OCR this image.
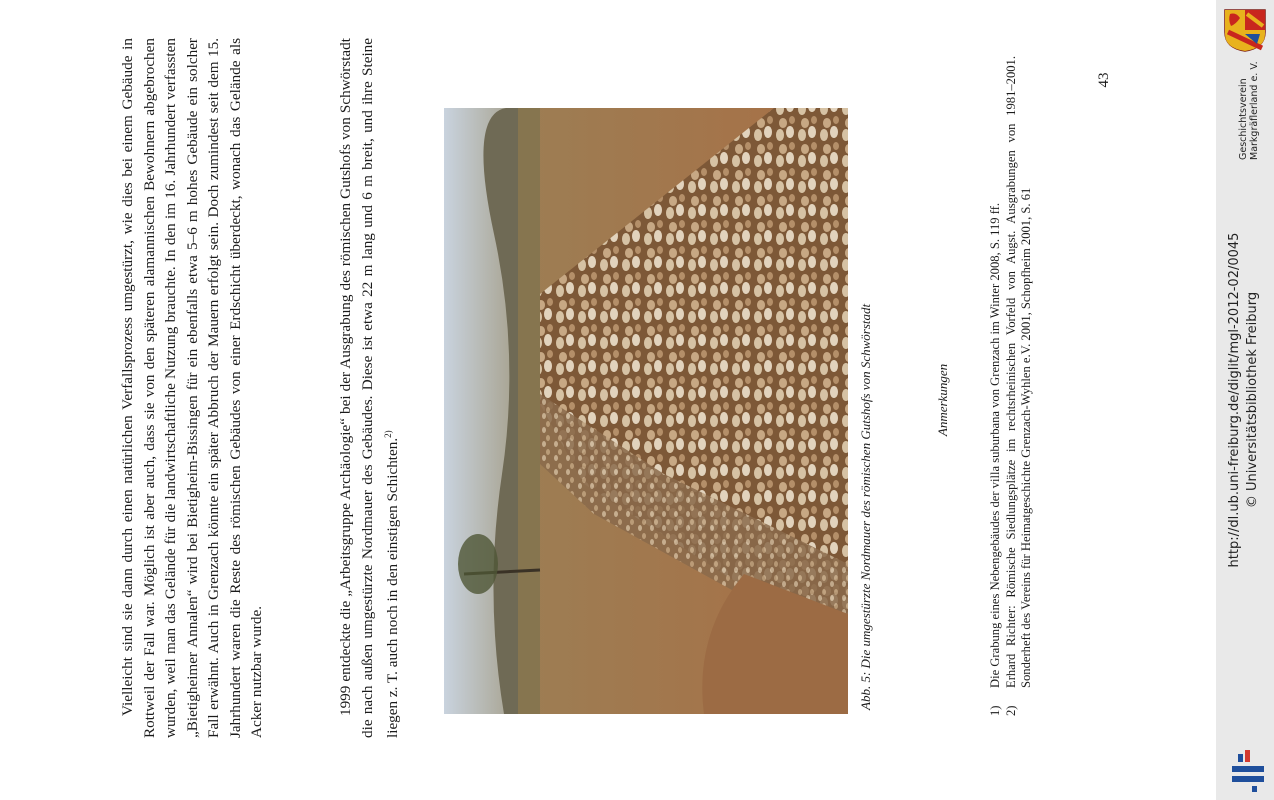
Vielleicht sind sie dann durch einen natürlichen Verfallsprozess umgestürzt, wie dies bei einem Gebäude in Rottweil der Fall war. Möglich ist aber auch, dass sie von den späteren alamannischen Bewohnern abgebrochen wurden, weil man das Gelände für die landwirtschaftliche Nutzung brauchte. In den im 16. Jahrhundert verfassten „Bietigheimer Annalen“ wird bei Bietigheim-Bissingen für ein ebenfalls etwa 5–6 m hohes Gebäude ein solcher Fall erwähnt. Auch in Grenzach könnte ein später Abbruch der Mauern erfolgt sein. Doch zumindest seit dem 15. Jahrhundert waren die Reste des römischen Gebäudes von einer Erdschicht überdeckt, wonach das Gelände als Acker nutzbar wurde.	1999 entdeckte die „Arbeitsgruppe Archäologie“ bei der Ausgrabung des römischen Gutshofs von Schwörstadt die nach außen umgestürzte Nordmauer des Gebäudes. Diese ist etwa 22 m lang und 6 m breit, und ihre Steine liegen z. T. auch noch in den einstigen Schichten.$^{2)}$	Abb. 5: Die umgestürzte Nordmauer des römischen Gutshofs von Schwörstadt	Anmerkungen
1)
Die Grabung eines Nebengebäudes der villa suburbana von Grenzach im Winter 2008, S. 119 ff.
2)
Erhard Richter: Römische Siedlungsplätze im rechtsrheinischen Vorfeld von Augst. Ausgrabungen von 1981–2001. Sonderheft des Vereins für Heimatgeschichte Grenzach-Wyhlen e.V. 2001, Schopfheim 2001, S. 61
43	Geschichtsverein Markgräflerland e. V.
http://dl.ub.uni-freiburg.de/diglit/mgl-2012-02/0045 © Universitätsbibliothek Freiburg
